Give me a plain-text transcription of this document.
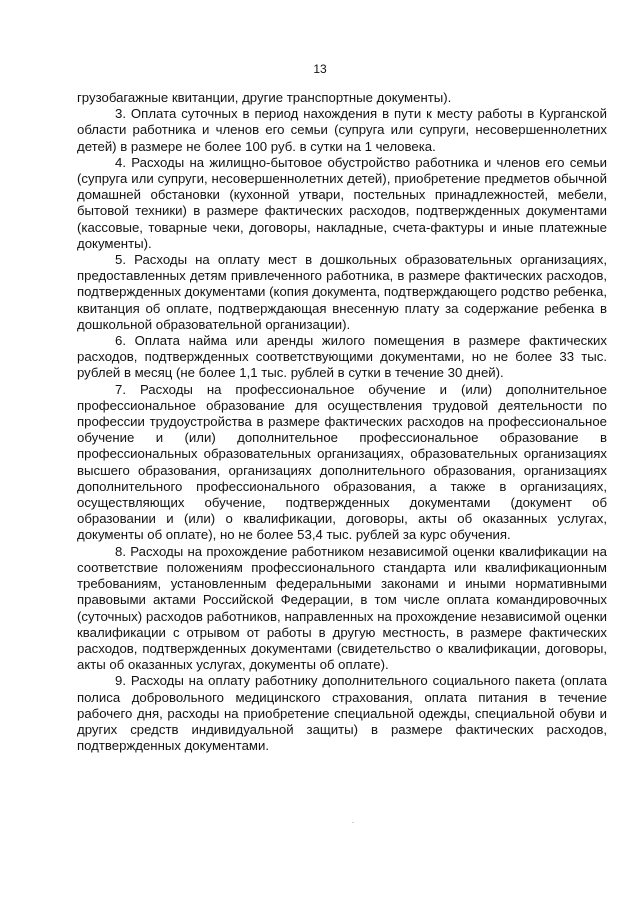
13

грузобагажные квитанции, другие транспортные документы).

3. Оплата суточных в период нахождения в пути к месту работы в Курганской области работника и членов его семьи (супруга или супруги, несовершеннолетних детей) в размере не более 100 руб. в сутки на 1 человека.

4. Расходы на жилищно-бытовое обустройство работника и членов его семьи (супруга или супруги, несовершеннолетних детей), приобретение предметов обычной домашней обстановки (кухонной утвари, постельных принадлежностей, мебели, бытовой техники) в размере фактических расходов, подтвержденных документами (кассовые, товарные чеки, договоры, накладные, счета-фактуры и иные платежные документы).

5. Расходы на оплату мест в дошкольных образовательных организациях, предоставленных детям привлеченного работника, в размере фактических расходов, подтвержденных документами (копия документа, подтверждающего родство ребенка, квитанция об оплате, подтверждающая внесенную плату за содержание ребенка в дошкольной образовательной организации).

6. Оплата найма или аренды жилого помещения в размере фактических расходов, подтвержденных соответствующими документами, но не более 33 тыс. рублей в месяц (не более 1,1 тыс. рублей в сутки в течение 30 дней).

7. Расходы на профессиональное обучение и (или) дополнительное профессиональное образование для осуществления трудовой деятельности по профессии трудоустройства в размере фактических расходов на профессиональное обучение и (или) дополнительное профессиональное образование в профессиональных образовательных организациях, образовательных организациях высшего образования, организациях дополнительного образования, организациях дополнительного профессионального образования, а также в организациях, осуществляющих обучение, подтвержденных документами (документ об образовании и (или) о квалификации, договоры, акты об оказанных услугах, документы об оплате), но не более 53,4 тыс. рублей за курс обучения.

8. Расходы на прохождение работником независимой оценки квалификации на соответствие положениям профессионального стандарта или квалификационным требованиям, установленным федеральными законами и иными нормативными правовыми актами Российской Федерации, в том числе оплата командировочных (суточных) расходов работников, направленных на прохождение независимой оценки квалификации с отрывом от работы в другую местность, в размере фактических расходов, подтвержденных документами (свидетельство о квалификации, договоры, акты об оказанных услугах, документы об оплате).

9. Расходы на оплату работнику дополнительного социального пакета (оплата полиса добровольного медицинского страхования, оплата питания в течение рабочего дня, расходы на приобретение специальной одежды, специальной обуви и других средств индивидуальной защиты) в размере фактических расходов, подтвержденных документами.
